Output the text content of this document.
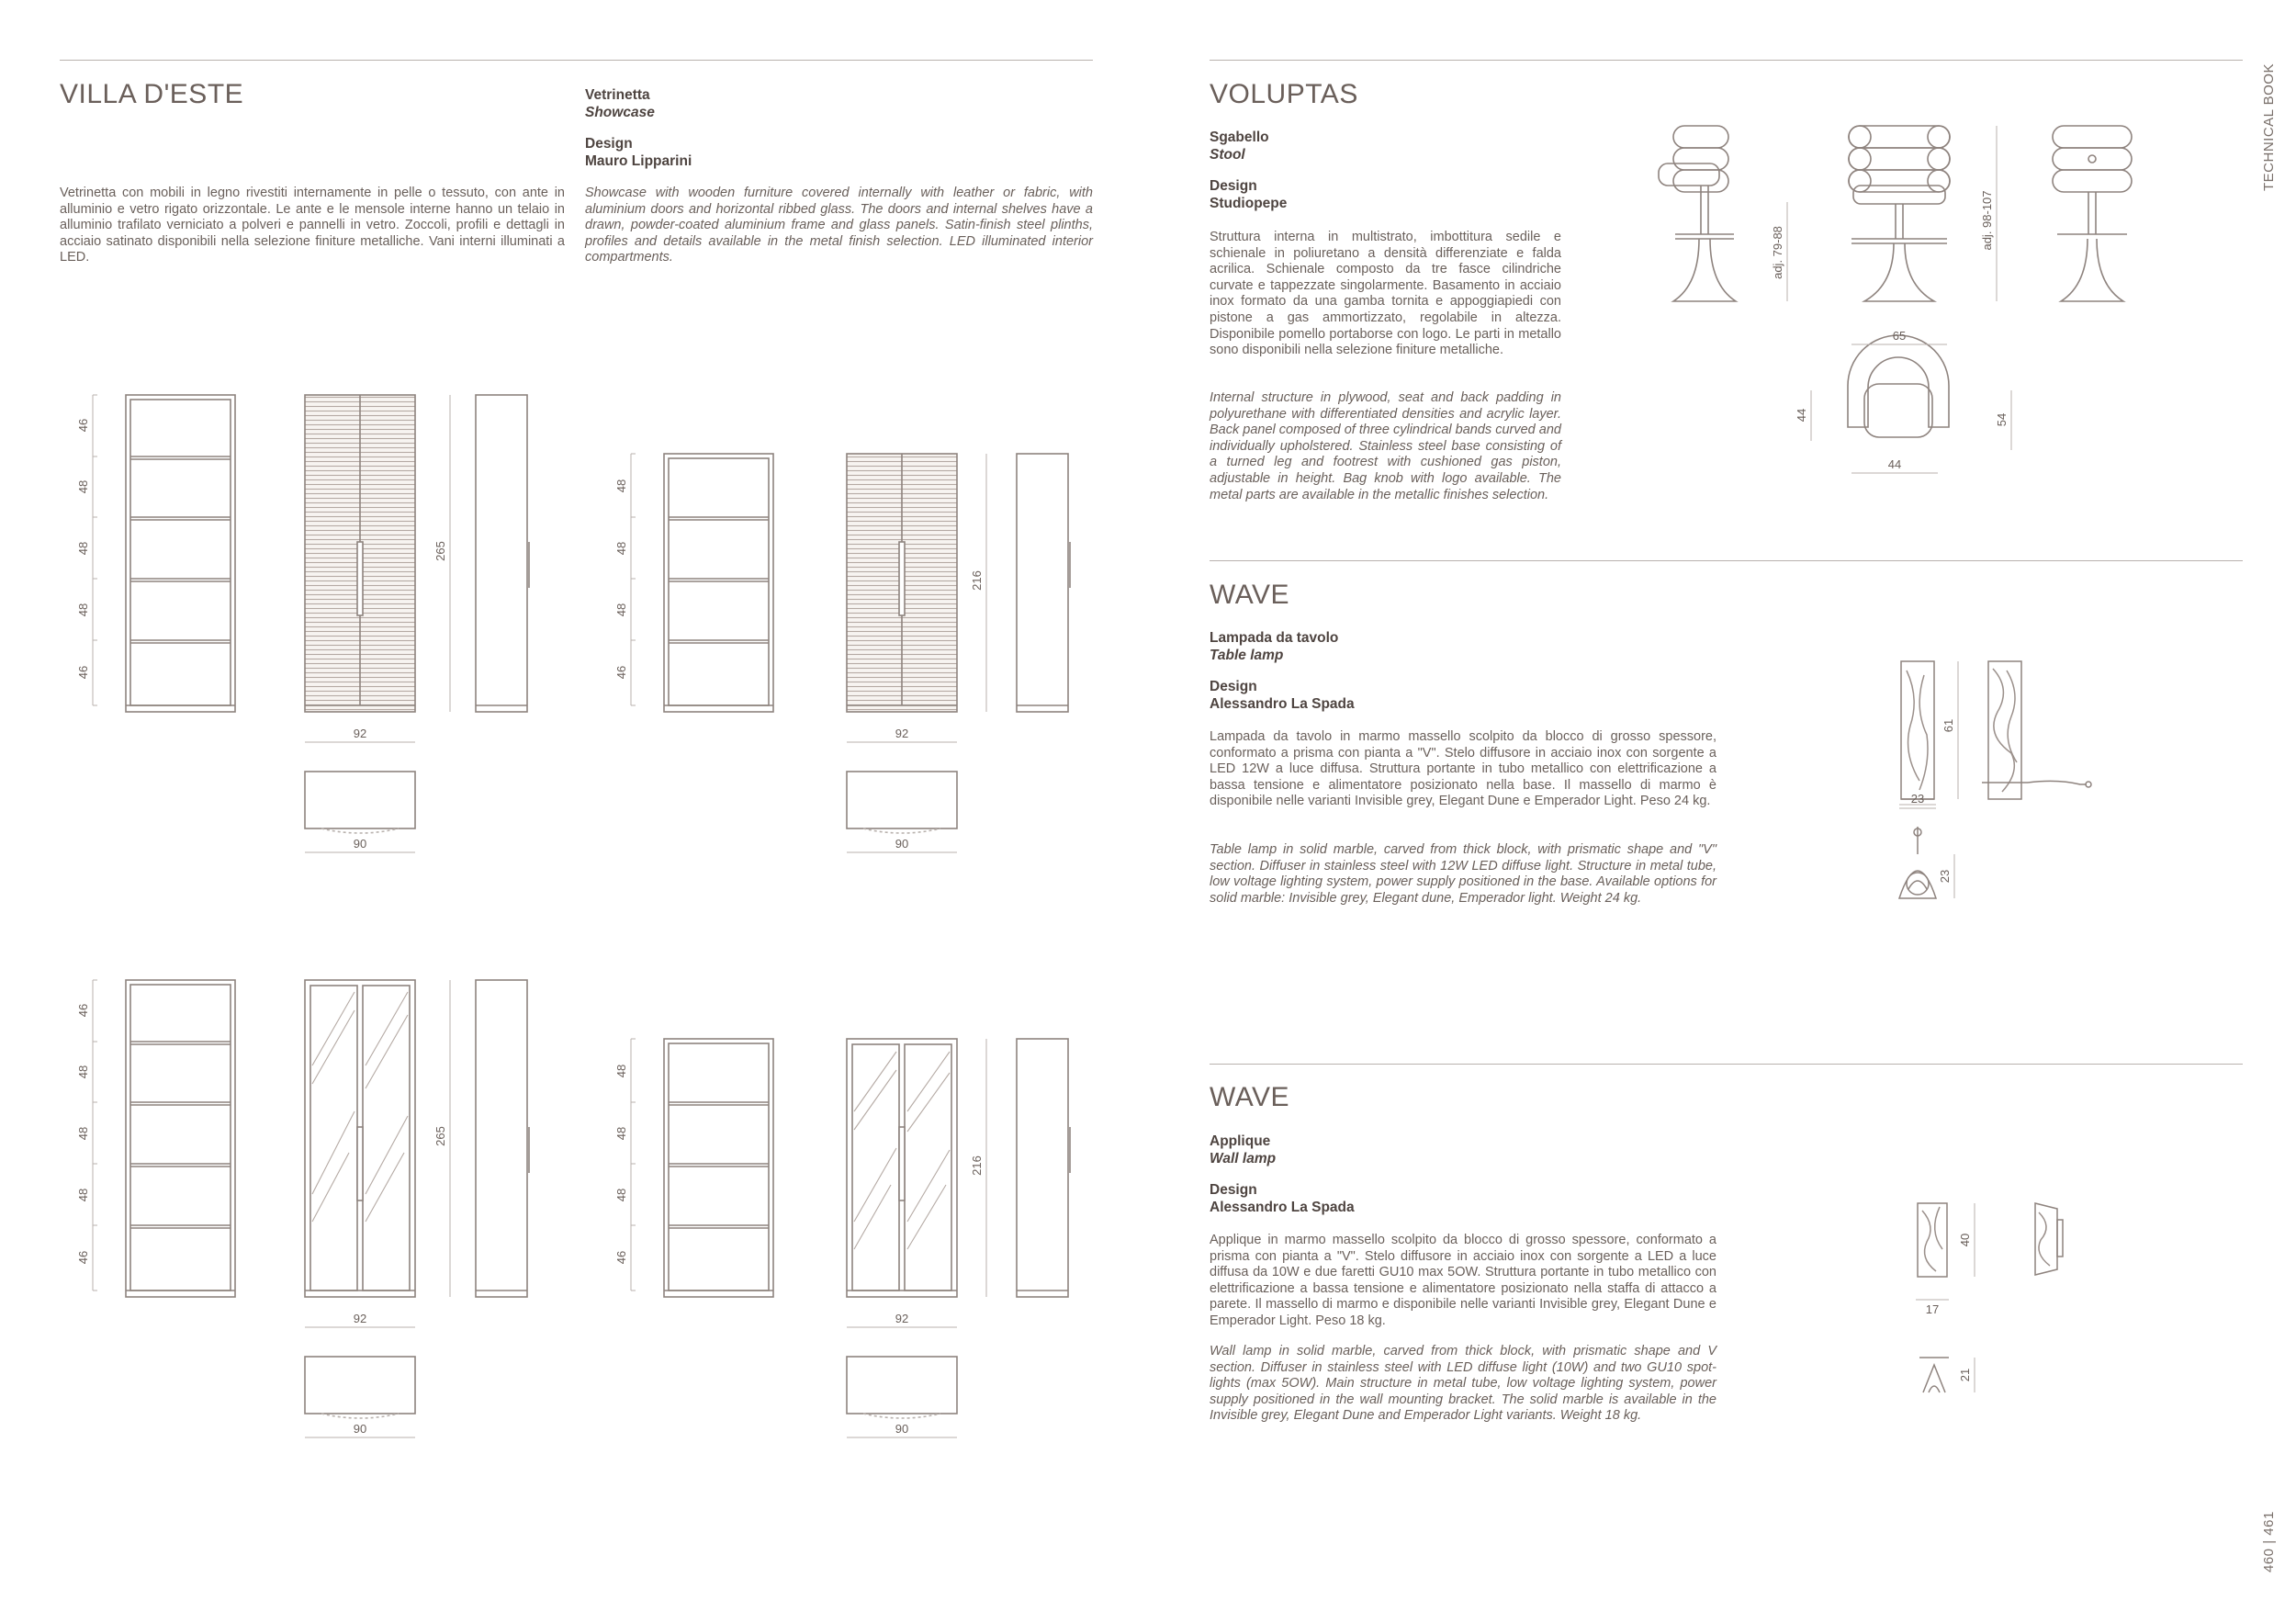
TECHNICAL BOOK
460 | 461
VILLA D'ESTE	Vetrinetta
Showcase
Design
Mauro Lipparini
Vetrinetta con mobili in legno rivestiti internamente in pelle o tessuto, con ante in alluminio e vetro rigato orizzontale. Le ante e le mensole interne hanno un telaio in alluminio trafilato verniciato a polveri e pannelli in vetro. Zoccoli, profili e dettagli in acciaio satinato disponibili nella selezione finiture metalliche. Vani interni illuminati a LED.
Showcase with wooden furniture covered internally with leather or fabric, with aluminium doors and horizontal ribbed glass. The doors and internal shelves have a drawn, powder-coated aluminium frame and glass panels. Satin-finish steel plinths, profiles and details available in the metal finish selection. LED illuminated interior compartments.
46
48
48
48
46
265
92
90
48
48
48
46
216
92
90
46
48
48
48
46
265
92
90
48
48
48
46
216
92
90
VOLUPTAS
Sgabello
Stool
Design
Studiopepe
Struttura interna in multistrato, imbottitura sedile e schienale in poliuretano a densità differenziate e falda acrilica. Schienale composto da tre fasce cilindriche curvate e tappezzate singolarmente. Basamento in acciaio inox formato da una gamba tornita e appoggiapiedi con pistone a gas ammortizzato, regolabile in altezza. Disponibile pomello portaborse con logo. Le parti in metallo sono disponibili nella selezione finiture metalliche.
Internal structure in plywood, seat and back padding in polyurethane with differentiated densities and acrylic layer. Back panel composed of three cylindrical bands curved and individually upholstered. Stainless steel base consisting of a turned leg and footrest with cushioned gas piston, adjustable in height. Bag knob with logo available. The metal parts are available in the metallic finishes selection.
adj. 79-88
adj. 98-107
65
44	54
44
WAVE
Lampada da tavolo
Table lamp
Design
Alessandro La Spada
Lampada da tavolo in marmo massello scolpito da blocco di grosso spessore, conformato a prisma con pianta a "V". Stelo diffusore in acciaio inox con sorgente a LED 12W a luce diffusa. Struttura portante in tubo metallico con elettrificazione a bassa tensione e alimentatore posizionato nella base. Il massello di marmo è disponibile nelle varianti Invisible grey, Elegant Dune e Emperador Light. Peso 24 kg.
Table lamp in solid marble, carved from thick block, with prismatic shape and "V" section. Diffuser in stainless steel with 12W LED diffuse light. Structure in metal tube, low voltage lighting system, power supply positioned in the base. Available options for solid marble: Invisible grey, Elegant dune, Emperador light. Weight 24 kg.
61
23
23
WAVE
Applique
Wall lamp
Design
Alessandro La Spada
Applique in marmo massello scolpito da blocco di grosso spessore, conformato a prisma con pianta a "V". Stelo diffusore in acciaio inox con sorgente a LED a luce diffusa da 10W e due faretti GU10 max 5OW. Struttura portante in tubo metallico con elettrificazione a bassa tensione e alimentatore posizionato nella staffa di attacco a parete. Il massello di marmo e disponibile nelle varianti Invisible grey, Elegant Dune e Emperador Light. Peso 18 kg.
Wall lamp in solid marble, carved from thick block, with prismatic shape and V section. Diffuser in stainless steel with LED diffuse light (10W) and two GU10 spot-lights (max 5OW). Main structure in metal tube, low voltage lighting system, power supply positioned in the wall mounting bracket. The solid marble is available in the Invisible grey, Elegant Dune and Emperador Light variants. Weight 18 kg.
40
17
21
